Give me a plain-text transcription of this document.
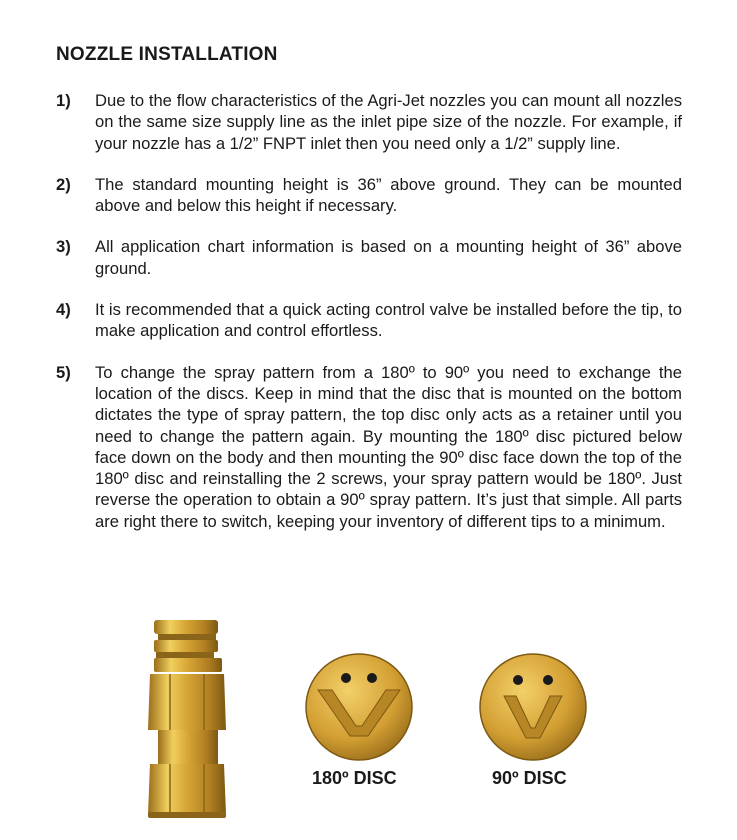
NOZZLE INSTALLATION
1) Due to the flow characteristics of the Agri-Jet nozzles you can mount all nozzles on the same size supply line as the inlet pipe size of the nozzle. For example, if your nozzle has a 1/2” FNPT inlet then you need only a 1/2” supply line.
2) The standard mounting height is 36” above ground. They can be mounted above and below this height if necessary.
3) All application chart information is based on a mounting height of 36” above ground.
4) It is recommended that a quick acting control valve be installed before the tip, to make application and control effortless.
5) To change the spray pattern from a 180º to 90º you need to exchange the location of the discs. Keep in mind that the disc that is mounted on the bottom dictates the type of spray pattern, the top disc only acts as a retainer until you need to change the pattern again. By mounting the 180º disc pictured below face down on the body and then mounting the 90º disc face down the top of the 180º disc and reinstalling the 2 screws, your spray pattern would be 180º. Just reverse the operation to obtain a 90º spray pattern. It’s just that simple. All parts are right there to switch, keeping your inventory of different tips to a minimum.
180º DISC	90º DISC
